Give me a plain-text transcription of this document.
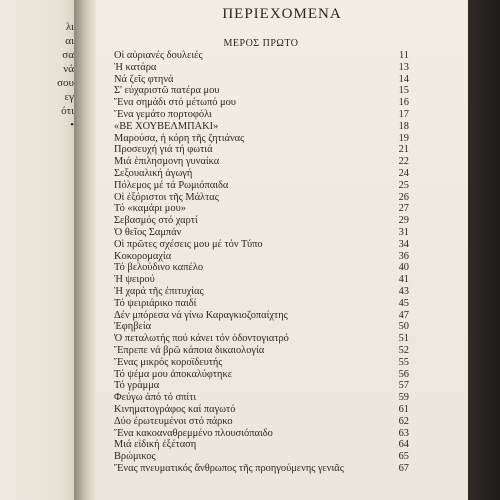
λι
αι
σα
νά
σου
εγ
ότι
•
ΠΕΡΙΕΧΟΜΕΝΑ
ΜΕΡΟΣ ΠΡΩΤΟ
Οἱ αὐριανές δουλειές	11
Ἡ κατάρα	13
Νά ζεῖς φτηνά	14
Σ' εὐχαριστῶ πατέρα μου	15
Ἕνα σημάδι στό μέτωπό μου	16
Ἕνα γεμάτο πορτοφόλι	17
«ΒΕ ΧΟΥΒΕΛΜΠΑΚΙ»	18
Μαρούσα, ἡ κόρη τῆς ζητιάνας	19
Προσευχή γιά τή φωτιά	21
Μιά ἐπιλησμονη γυναίκα	22
Σεξουαλική ἀγωγή	24
Πόλεμος μέ τά Ρωμιόπαιδα	25
Οἱ ἐξόριστοι τῆς Μάλτας	26
Τό «καμάρι μου»	27
Σεβασμός στό χαρτί	29
Ὁ θεῖος Σαμπάν	31
Οἱ πρῶτες σχέσεις μου μέ τόν Τύπο	34
Κοκορομαχία	36
Τό βελούδινο καπέλο	40
Ἡ ψειρού	41
Ἡ χαρά τῆς ἐπιτυχίας	43
Τό ψειριάρικο παιδί	45
Δέν μπόρεσα νά γίνω Καραγκιοζοπαίχτης	47
Ἐφηβεία	50
Ὁ πεταλωτής πού κάνει τόν ὀδοντογιατρό	51
Ἔπρεπε νά βρῶ κάποια δικαιολογία	52
Ἕνας μικρός κοροϊδευτής	55
Τό ψέμα μου ἀποκαλύφτηκε	56
Τό γράμμα	57
Φεύγω ἀπό τό σπίτι	59
Κινηματογράφος καί παγωτό	61
Δύο ἐρωτευμένοι στό πάρκο	62
Ἕνα κακοαναθρεμμένο πλουσιόπαιδο	63
Μιά εἰδική ἐξέταση	64
Βρώμικος	65
Ἕνας πνευματικός ἄνθρωπος τῆς προηγούμενης γενιᾶς	67
